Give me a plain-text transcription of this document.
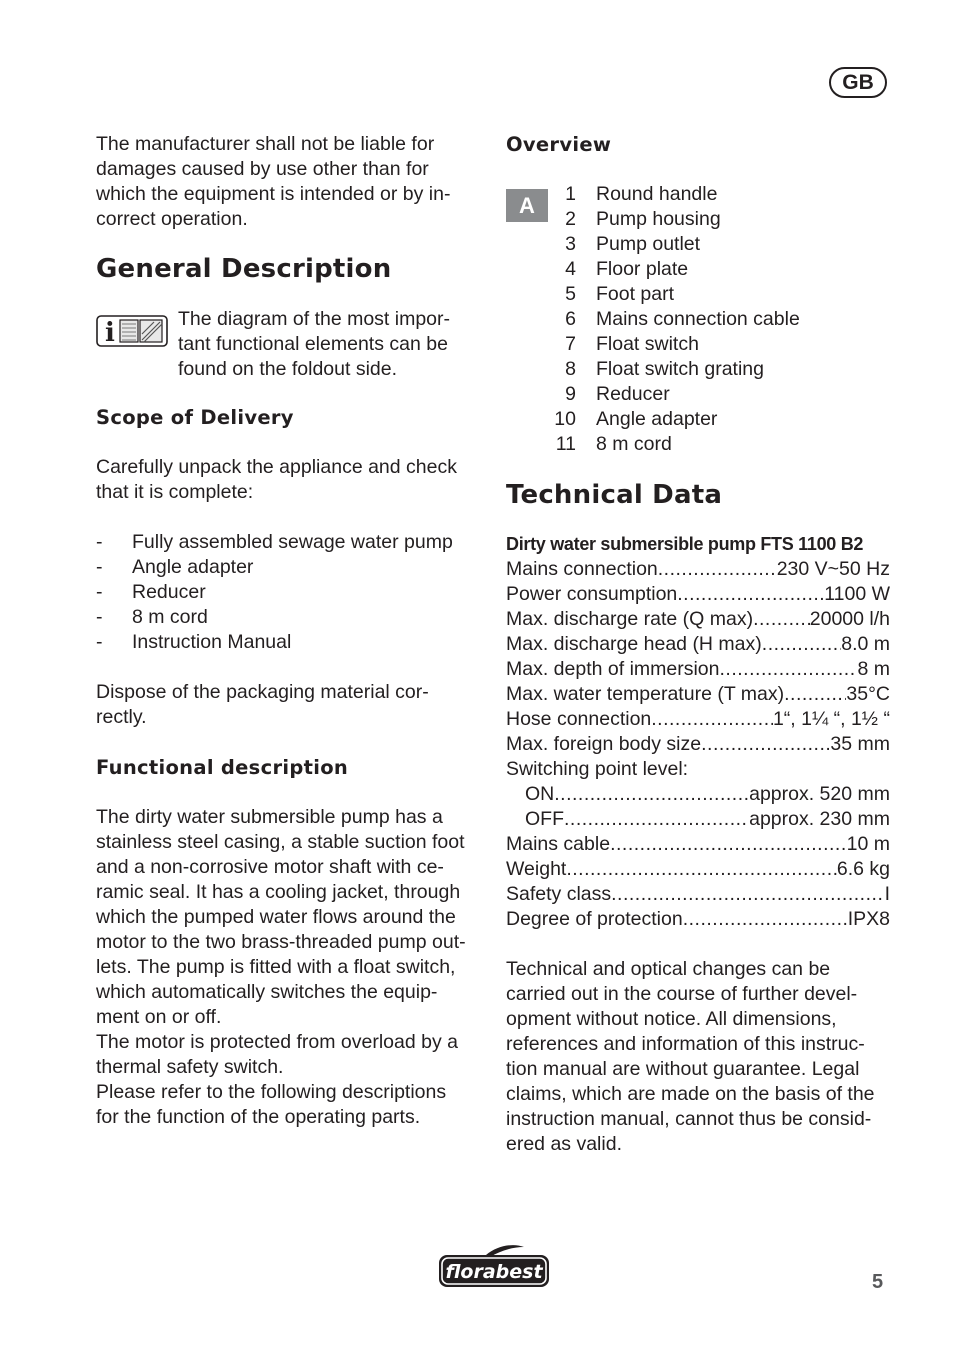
GB
The manufacturer shall not be liable for
damages caused by use other than for
which the equipment is intended or by in-
correct operation.
General Description
i	The diagram of the most impor-
tant functional elements can be
found on the foldout side.
Scope of Delivery
Carefully unpack the appliance and check
that it is complete:
-	Fully assembled sewage water pump
-	Angle adapter
-	Reducer
-	8 m cord
-	Instruction Manual
Dispose of the packaging material cor-
rectly.
Functional description
The dirty water submersible pump has a
stainless steel casing, a stable suction foot
and a non-corrosive motor shaft with ce-
ramic seal. It has a cooling jacket, through
which the pumped water flows around the
motor to the two brass-threaded pump out-
lets. The pump is fitted with a float switch,
which automatically switches the equip-
ment on or off.
The motor is protected from overload by a
thermal safety switch.
Please refer to the following descriptions
for the function of the operating parts.
Overview
A	1	Round handle
2	Pump housing
3	Pump outlet
4	Floor plate
5	Foot part
6	Mains connection cable
7	Float switch
8	Float switch grating
9	Reducer
10	Angle adapter
11	8 m cord
Technical Data
Dirty water submersible pump FTS 1100 B2
Mains connection .....	230 V~50 Hz
Power consumption .....	1100 W
Max. discharge rate (Q max) .....	20000 l/h
Max. discharge head (H max) .....	8.0 m
Max. depth of immersion .....	8 m
Max. water temperature (T max) .....	35°C
Hose connection .....	1“, 1¼ “, 1½ “
Max. foreign body size .....	35 mm
Switching point level:
ON .....	approx. 520 mm
OFF .....	approx. 230 mm
Mains cable .....	10 m
Weight .....	6.6 kg
Safety class .....	I
Degree of protection .....	IPX8
Technical and optical changes can be
carried out in the course of further devel-
opment without notice. All dimensions,
references and information of this instruc-
tion manual are without guarantee. Legal
claims, which are made on the basis of the
instruction manual, cannot thus be consid-
ered as valid.
florabest	5
